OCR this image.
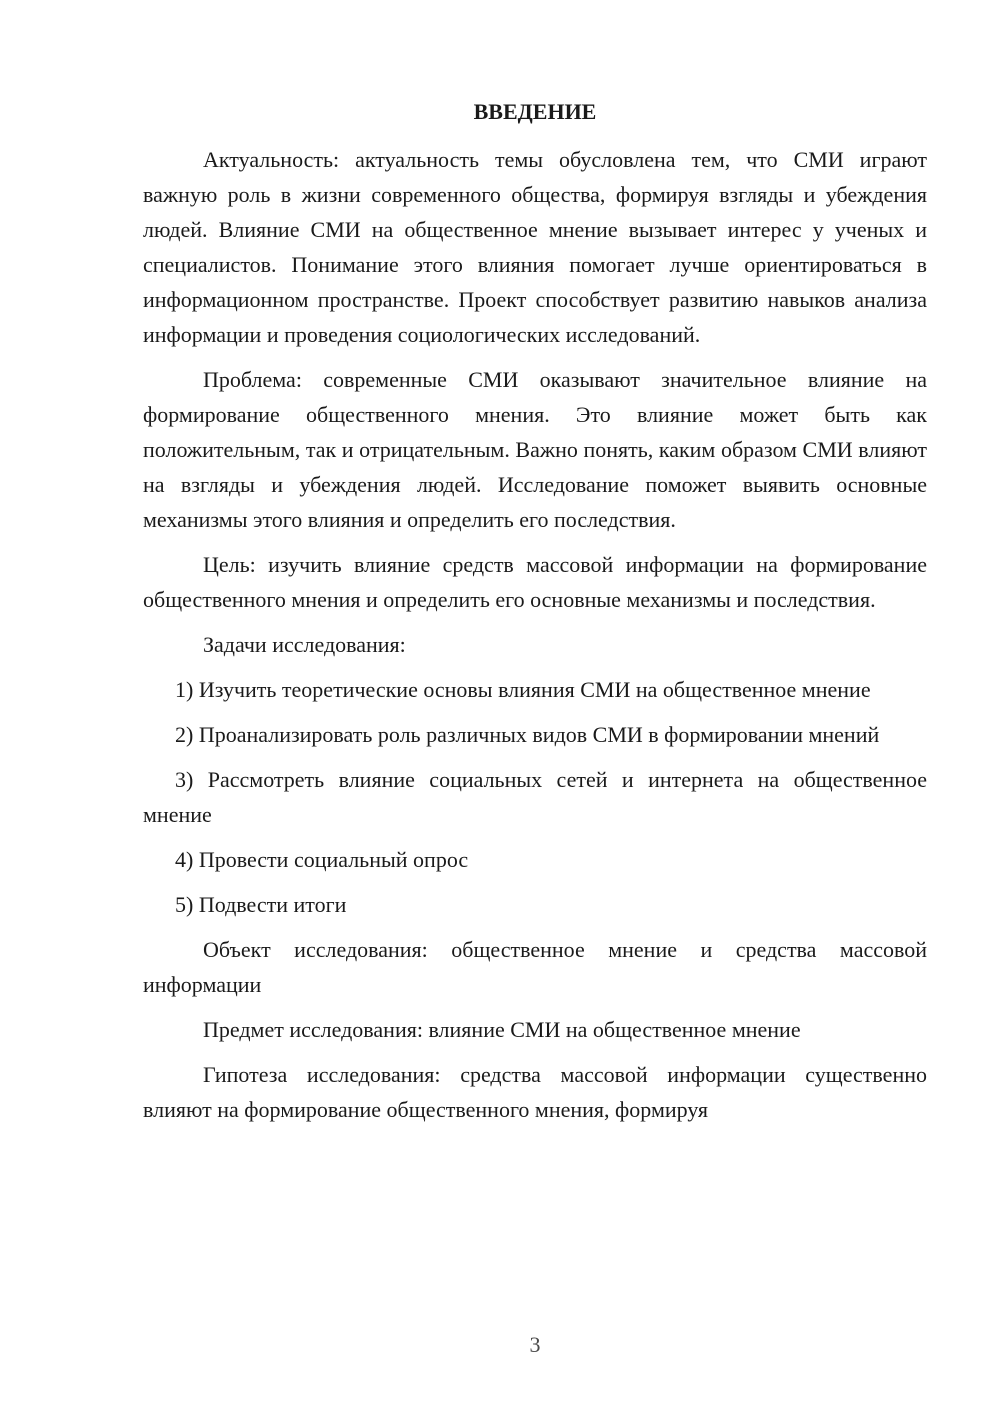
ВВЕДЕНИЕ

Актуальность: актуальность темы обусловлена тем, что СМИ играют важную роль в жизни современного общества, формируя взгляды и убеждения людей. Влияние СМИ на общественное мнение вызывает интерес у ученых и специалистов. Понимание этого влияния помогает лучше ориентироваться в информационном пространстве. Проект способствует развитию навыков анализа информации и проведения социологических исследований.

Проблема: современные СМИ оказывают значительное влияние на формирование общественного мнения. Это влияние может быть как положительным, так и отрицательным. Важно понять, каким образом СМИ влияют на взгляды и убеждения людей. Исследование поможет выявить основные механизмы этого влияния и определить его последствия.

Цель: изучить влияние средств массовой информации на формирование общественного мнения и определить его основные механизмы и последствия.

Задачи исследования:

1) Изучить теоретические основы влияния СМИ на общественное мнение

2) Проанализировать роль различных видов СМИ в формировании мнений

3) Рассмотреть влияние социальных сетей и интернета на общественное мнение

4) Провести социальный опрос

5) Подвести итоги

Объект исследования: общественное мнение и средства массовой информации

Предмет исследования: влияние СМИ на общественное мнение

Гипотеза исследования: средства массовой информации существенно влияют на формирование общественного мнения, формируя

3
